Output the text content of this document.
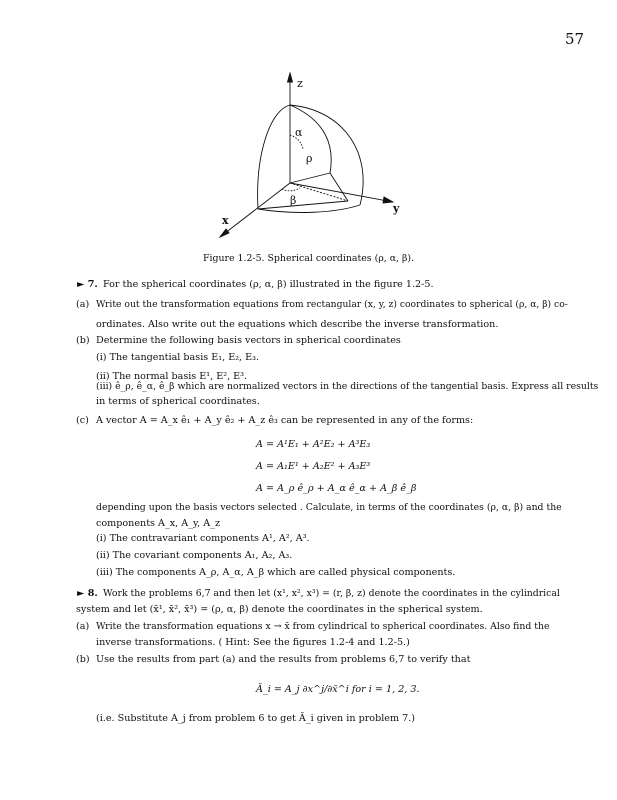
57
z
α
ρ
β
x
y
Figure 1.2-5. Spherical coordinates (ρ, α, β).
► 7. For the spherical coordinates (ρ, α, β) illustrated in the figure 1.2-5.
(a) Write out the transformation equations from rectangular (x, y, z) coordinates to spherical (ρ, α, β) co-
ordinates. Also write out the equations which describe the inverse transformation.
(b) Determine the following basis vectors in spherical coordinates
(i) The tangential basis E₁, E₂, E₃.
(ii) The normal basis E¹, E², E³.
(iii) ê_ρ, ê_α, ê_β which are normalized vectors in the directions of the tangential basis. Express all results
in terms of spherical coordinates.
(c) A vector A = A_x ê₁ + A_y ê₂ + A_z ê₃ can be represented in any of the forms:
A = A¹E₁ + A²E₂ + A³E₃
A = A₁E¹ + A₂E² + A₃E³
A = A_ρ ê_ρ + A_α ê_α + A_β ê_β
depending upon the basis vectors selected . Calculate, in terms of the coordinates (ρ, α, β) and the
components A_x, A_y, A_z
(i) The contravariant components A¹, A², A³.
(ii) The covariant components A₁, A₂, A₃.
(iii) The components A_ρ, A_α, A_β which are called physical components.
► 8. Work the problems 6,7 and then let (x¹, x², x³) = (r, β, z) denote the coordinates in the cylindrical
system and let (x̄¹, x̄², x̄³) = (ρ, α, β) denote the coordinates in the spherical system.
(a) Write the transformation equations x → x̄ from cylindrical to spherical coordinates. Also find the
inverse transformations. ( Hint: See the figures 1.2-4 and 1.2-5.)
(b) Use the results from part (a) and the results from problems 6,7 to verify that
Ā_i = A_j ∂x^j/∂x̄^i for i = 1, 2, 3.
(i.e. Substitute A_j from problem 6 to get Ā_i given in problem 7.)
